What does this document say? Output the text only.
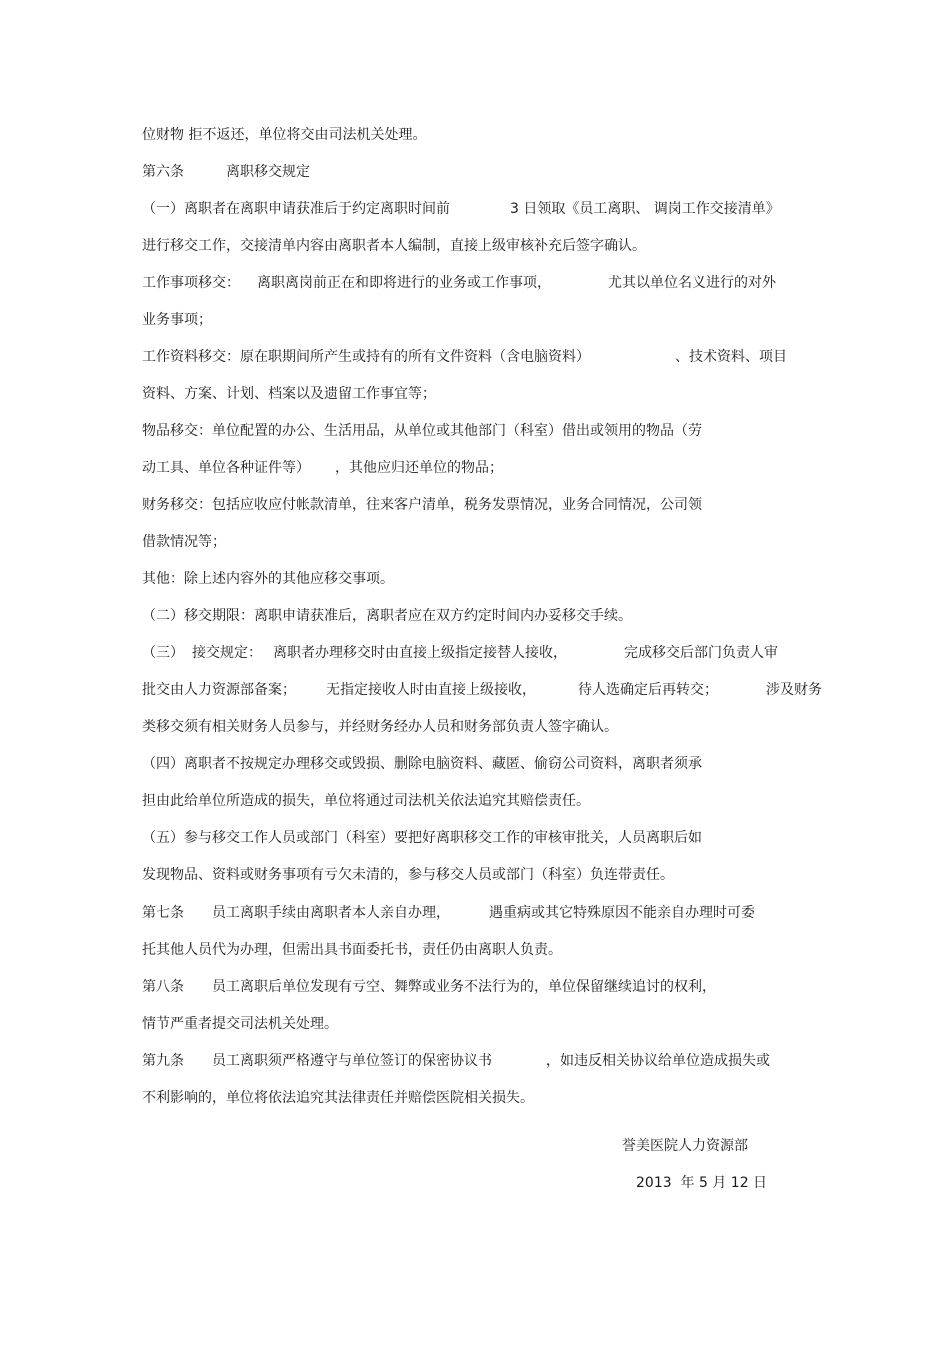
位财物 拒不返还，单位将交由司法机关处理。
第六条	离职移交规定
（一）离职者在离职申请获准后于约定离职时间前	3 日领取《员工离职、 调岗工作交接清单》
进行移交工作，交接清单内容由离职者本人编制，直接上级审核补充后签字确认。
工作事项移交： 离职离岗前正在和即将进行的业务或工作事项，	尤其以单位名义进行的对外
业务事项；
工作资料移交：原在职期间所产生或持有的所有文件资料（含电脑资料）	、技术资料、项目
资料、方案、计划、档案以及遗留工作事宜等；
物品移交：单位配置的办公、生活用品，从单位或其他部门（科室）借出或领用的物品（劳
动工具、单位各种证件等） ，其他应归还单位的物品；
财务移交：包括应收应付帐款清单，往来客户清单，税务发票情况，业务合同情况，公司领
借款情况等；
其他：除上述内容外的其他应移交事项。
（二）移交期限：离职申请获准后，离职者应在双方约定时间内办妥移交手续。
（三） 接交规定： 离职者办理移交时由直接上级指定接替人接收，	完成移交后部门负责人审
批交由人力资源部备案； 无指定接收人时由直接上级接收，	待人选确定后再转交；	涉及财务
类移交须有相关财务人员参与，并经财务经办人员和财务部负责人签字确认。
（四）离职者不按规定办理移交或毁损、删除电脑资料、藏匿、偷窃公司资料，离职者须承
担由此给单位所造成的损失，单位将通过司法机关依法追究其赔偿责任。
（五）参与移交工作人员或部门（科室）要把好离职移交工作的审核审批关，人员离职后如
发现物品、资料或财务事项有亏欠未清的，参与移交人员或部门（科室）负连带责任。
第七条 员工离职手续由离职者本人亲自办理，	遇重病或其它特殊原因不能亲自办理时可委
托其他人员代为办理，但需出具书面委托书，责任仍由离职人负责。
第八条 员工离职后单位发现有亏空、舞弊或业务不法行为的，单位保留继续追讨的权利，
情节严重者提交司法机关处理。
第九条 员工离职须严格遵守与单位签订的保密协议书	，如违反相关协议给单位造成损失或
不利影响的，单位将依法追究其法律责任并赔偿医院相关损失。
誉美医院人力资源部
2013  年 5 月 12 日
